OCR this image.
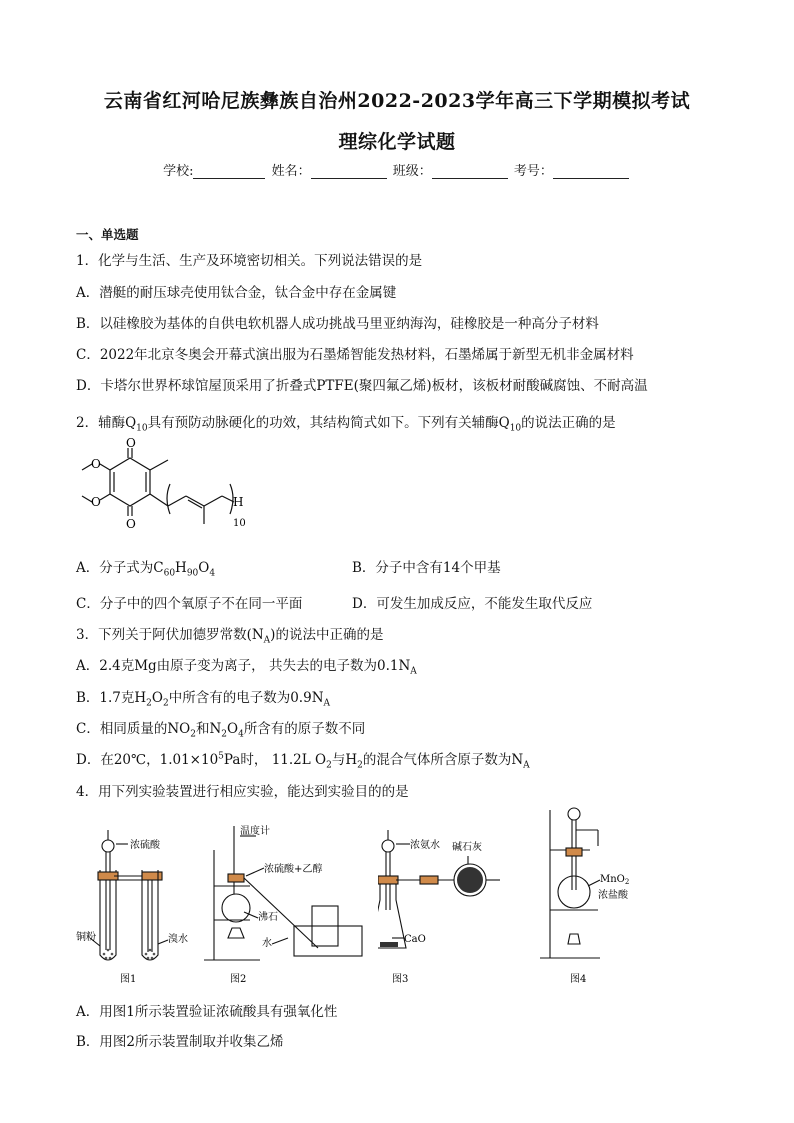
云南省红河哈尼族彝族自治州2022-2023学年高三下学期模拟考试
理综化学试题
学校:	姓名：	班级：	考号：
一、单选题
1．化学与生活、生产及环境密切相关。下列说法错误的是
A．潜艇的耐压球壳使用钛合金，钛合金中存在金属键
B．以硅橡胶为基体的自供电软机器人成功挑战马里亚纳海沟，硅橡胶是一种高分子材料
C．2022年北京冬奥会开幕式演出服为石墨烯智能发热材料，石墨烯属于新型无机非金属材料
D．卡塔尔世界杯球馆屋顶采用了折叠式PTFE(聚四氟乙烯)板材，该板材耐酸碱腐蚀、不耐高温
2．辅酶$Q_{10}$具有预防动脉硬化的功效，其结构简式如下。下列有关辅酶$Q_{10}$的说法正确的是
O
O
O
O	H
10
A．分子式为$C_{60}H_{90}O_4$	B．分子中含有14个甲基
C．分子中的四个氧原子不在同一平面	D．可发生加成反应，不能发生取代反应
3．下列关于阿伏加德罗常数$(N_A)$的说法中正确的是
A．2.4克Mg由原子变为离子， 共失去的电子数为$0.1N_A$
B．1.7克$H_2O_2$中所含有的电子数为$0.9N_A$
C．相同质量的$NO_2$和$N_2O_4$所含有的原子数不同
D．在20℃，$1.01\times 10^5Pa$时， 11.2L $O_2$与$H_2$的混合气体所含原子数为$N_A$
4．用下列实验装置进行相应实验，能达到实验目的的是
浓硫酸
铜粉	溴水
图1
温度计
浓硫酸+乙醇
沸石
水
图2
浓氨水 碱石灰
CaO
图3
MnO$_2$
浓盐酸
图4
A．用图1所示装置验证浓硫酸具有强氧化性
B．用图2所示装置制取并收集乙烯
